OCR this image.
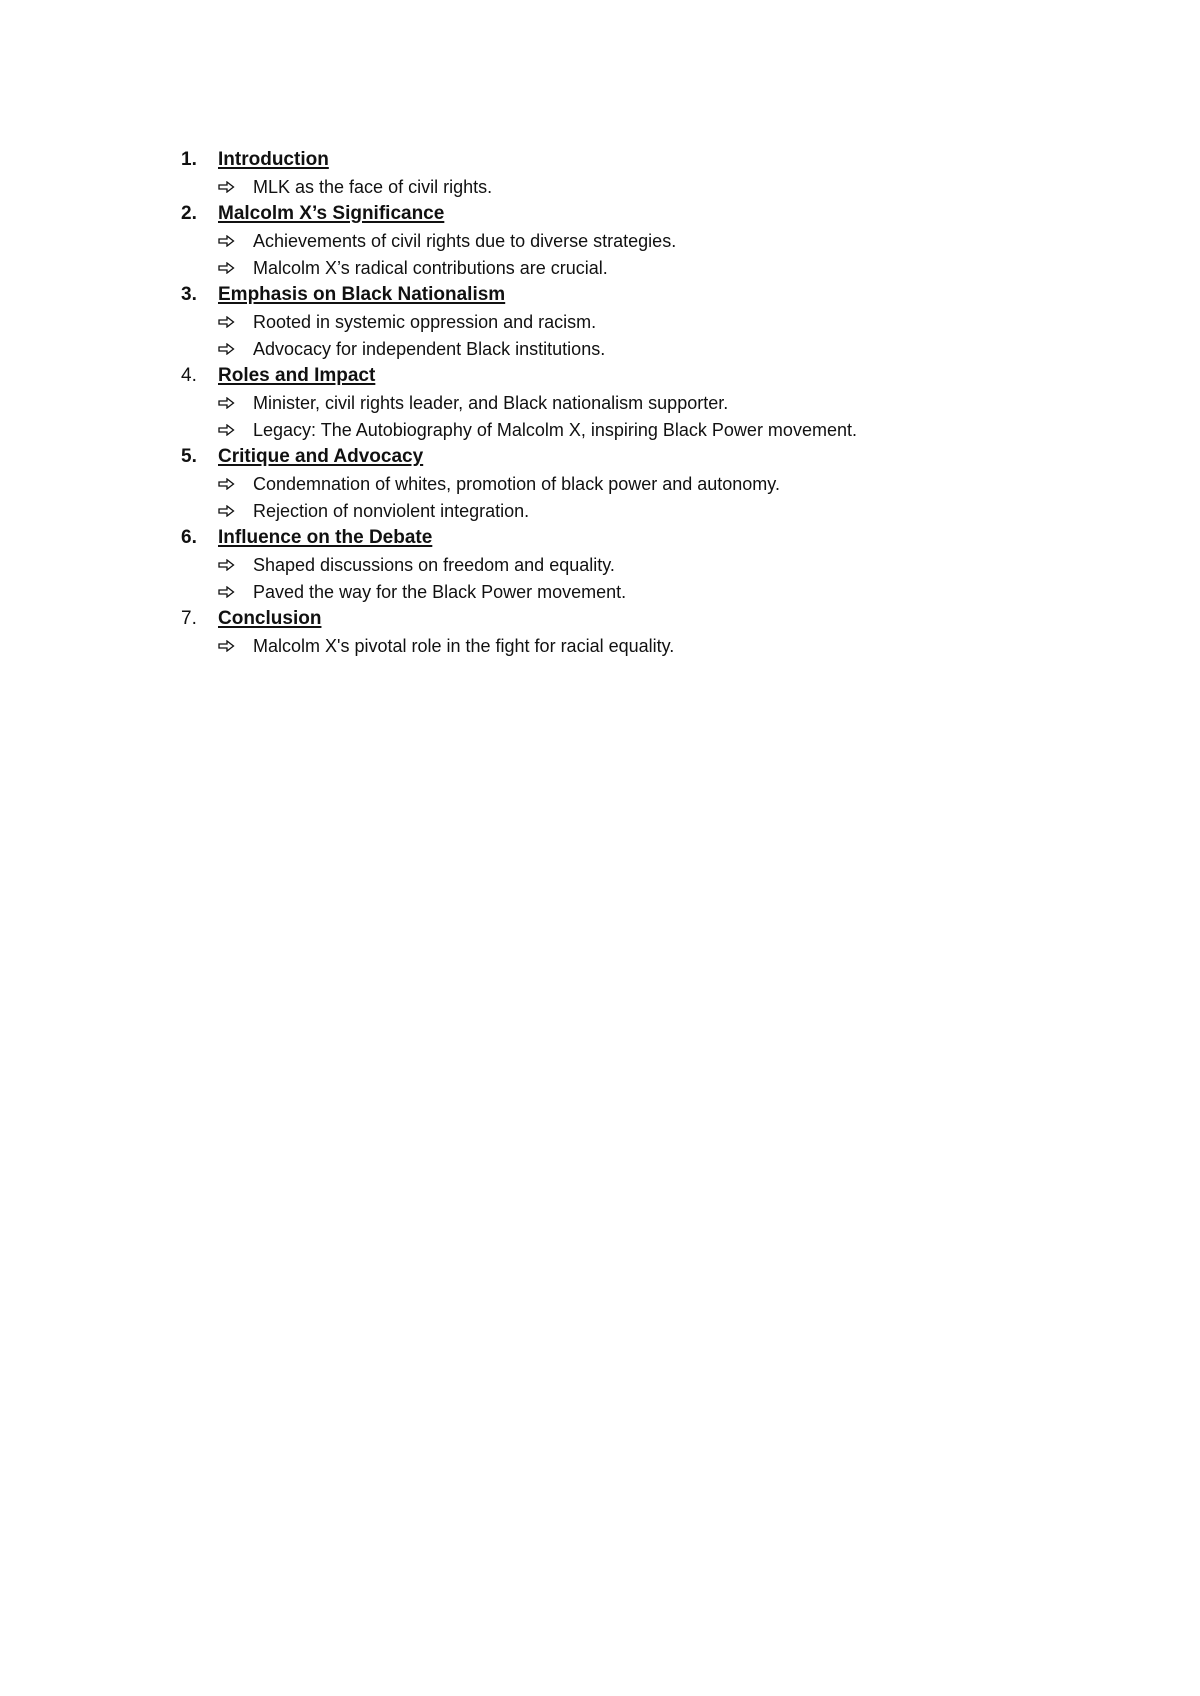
1.	Introduction
MLK as the face of civil rights.
2.	Malcolm X’s Significance
Achievements of civil rights due to diverse strategies.
Malcolm X’s radical contributions are crucial.
3.	Emphasis on Black Nationalism
Rooted in systemic oppression and racism.
Advocacy for independent Black institutions.
4.	Roles and Impact
Minister, civil rights leader, and Black nationalism supporter.
Legacy: The Autobiography of Malcolm X, inspiring Black Power movement.
5.	Critique and Advocacy
Condemnation of whites, promotion of black power and autonomy.
Rejection of nonviolent integration.
6.	Influence on the Debate
Shaped discussions on freedom and equality.
Paved the way for the Black Power movement.
7.	Conclusion
Malcolm X's pivotal role in the fight for racial equality.
